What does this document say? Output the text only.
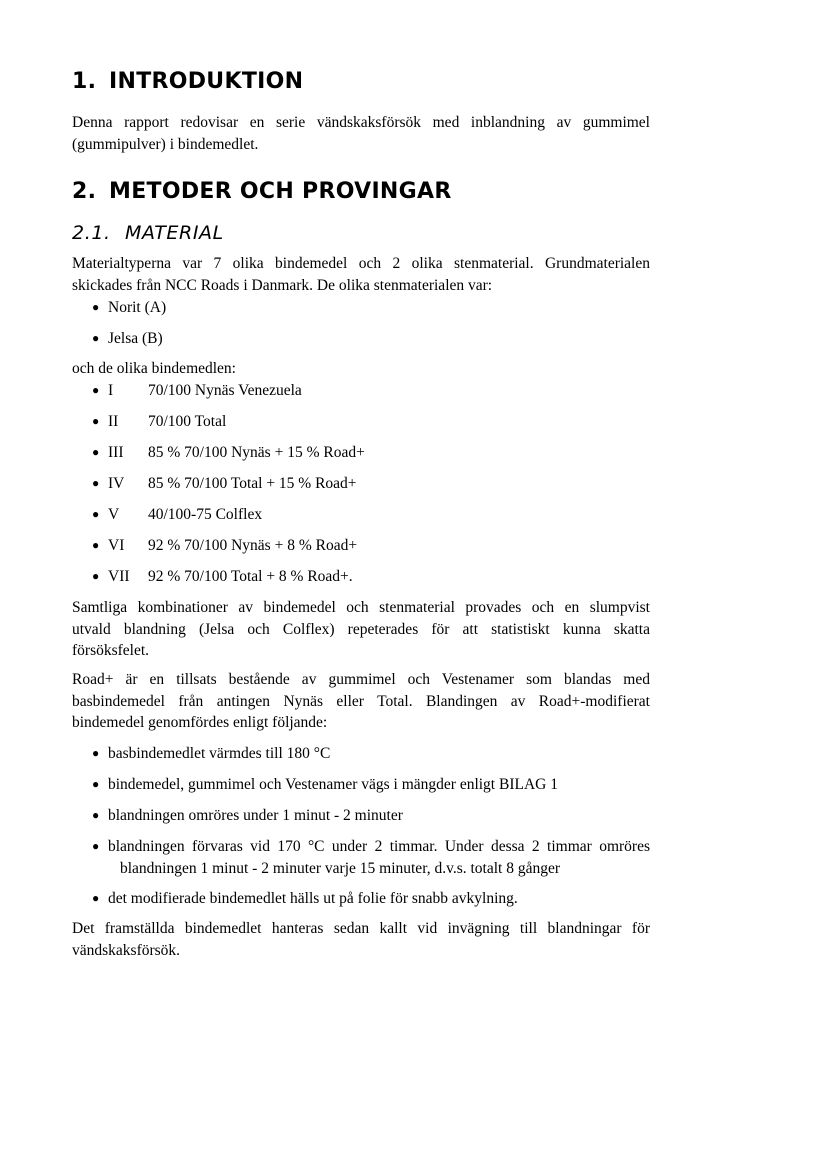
1. INTRODUKTION

Denna rapport redovisar en serie vändskaksförsök med inblandning av gummimel
(gummipulver) i bindemedlet.

2. METODER OCH PROVINGAR
2.1. MATERIAL

Materialtyperna var 7 olika bindemedel och 2 olika stenmaterial. Grundmaterialen
skickades från NCC Roads i Danmark. De olika stenmaterialen var:

● Norit (A)
● Jelsa (B)

och de olika bindemedlen:

● I 70/100 Nynäs Venezuela
● II 70/100 Total
● III 85 % 70/100 Nynäs + 15 % Road+
● IV 85 % 70/100 Total + 15 % Road+
● V 40/100-75 Colflex
● VI 92 % 70/100 Nynäs + 8 % Road+
● VII 92 % 70/100 Total + 8 % Road+.

Samtliga kombinationer av bindemedel och stenmaterial provades och en slumpvist
utvald blandning (Jelsa och Colflex) repeterades för att statistiskt kunna skatta
försöksfelet.

Road+ är en tillsats bestående av gummimel och Vestenamer som blandas med
basbindemedel från antingen Nynäs eller Total. Blandingen av Road+-modifierat
bindemedel genomfördes enligt följande:

● basbindemedlet värmdes till 180 °C
● bindemedel, gummimel och Vestenamer vägs i mängder enligt BILAG 1
● blandningen omröres under 1 minut - 2 minuter
● blandningen förvaras vid 170 °C under 2 timmar. Under dessa 2 timmar omröres
blandningen 1 minut - 2 minuter varje 15 minuter, d.v.s. totalt 8 gånger
● det modifierade bindemedlet hälls ut på folie för snabb avkylning.

Det framställda bindemedlet hanteras sedan kallt vid invägning till blandningar för
vändskaksförsök.
